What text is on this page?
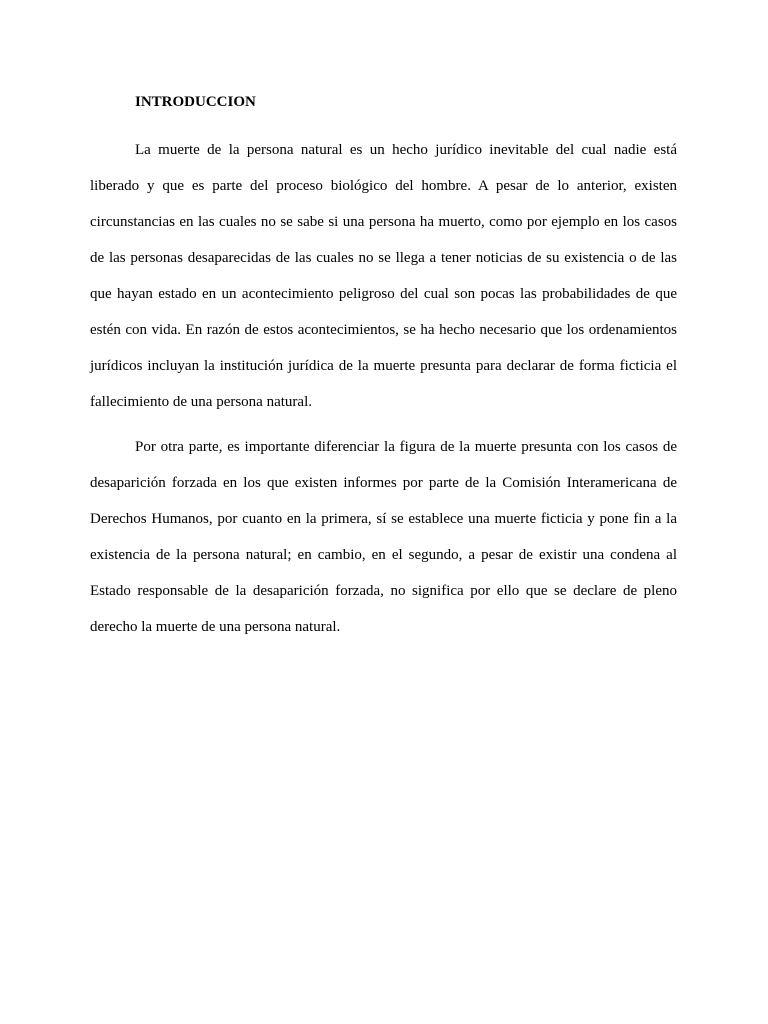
INTRODUCCION

La muerte de la persona natural es un hecho jurídico inevitable del cual nadie está liberado y que es parte del proceso biológico del hombre. A pesar de lo anterior, existen circunstancias en las cuales no se sabe si una persona ha muerto, como por ejemplo en los casos de las personas desaparecidas de las cuales no se llega a tener noticias de su existencia o de las que hayan estado en un acontecimiento peligroso del cual son pocas las probabilidades de que estén con vida. En razón de estos acontecimientos, se ha hecho necesario que los ordenamientos jurídicos incluyan la institución jurídica de la muerte presunta para declarar de forma ficticia el fallecimiento de una persona natural.

Por otra parte, es importante diferenciar la figura de la muerte presunta con los casos de desaparición forzada en los que existen informes por parte de la Comisión Interamericana de Derechos Humanos, por cuanto en la primera, sí se establece una muerte ficticia y pone fin a la existencia de la persona natural; en cambio, en el segundo, a pesar de existir una condena al Estado responsable de la desaparición forzada, no significa por ello que se declare de pleno derecho la muerte de una persona natural.
